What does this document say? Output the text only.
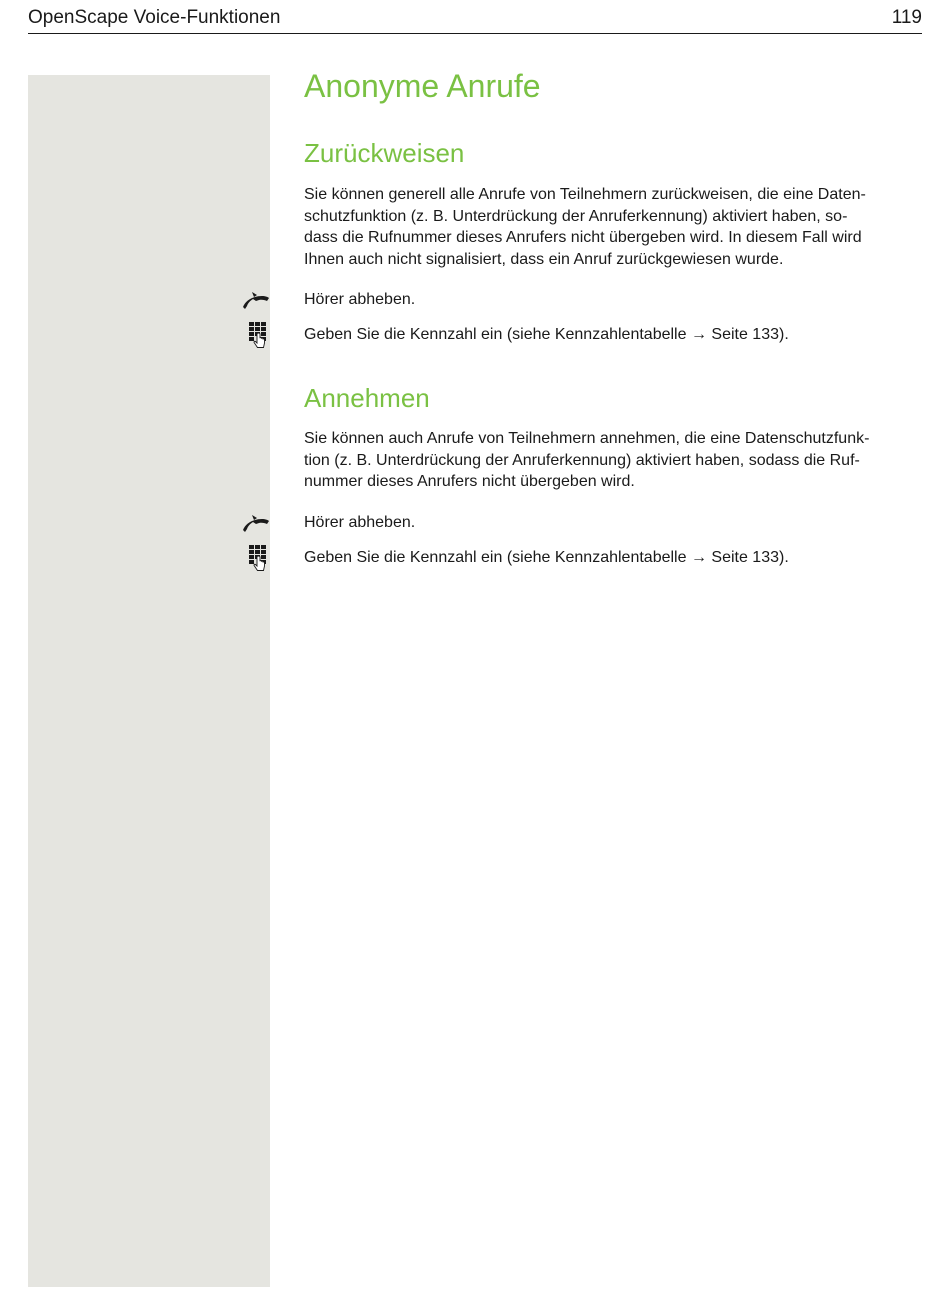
OpenScape Voice-Funktionen	119
Anonyme Anrufe
Zurückweisen
Sie können generell alle Anrufe von Teilnehmern zurückweisen, die eine Daten-
schutzfunktion (z. B. Unterdrückung der Anruferkennung) aktiviert haben, so-
dass die Rufnummer dieses Anrufers nicht übergeben wird. In diesem Fall wird
Ihnen auch nicht signalisiert, dass ein Anruf zurückgewiesen wurde.
Hörer abheben.
Geben Sie die Kennzahl ein (siehe Kennzahlentabelle → Seite 133).
Annehmen
Sie können auch Anrufe von Teilnehmern annehmen, die eine Datenschutzfunk-
tion (z. B. Unterdrückung der Anruferkennung) aktiviert haben, sodass die Ruf-
nummer dieses Anrufers nicht übergeben wird.
Hörer abheben.
Geben Sie die Kennzahl ein (siehe Kennzahlentabelle → Seite 133).
